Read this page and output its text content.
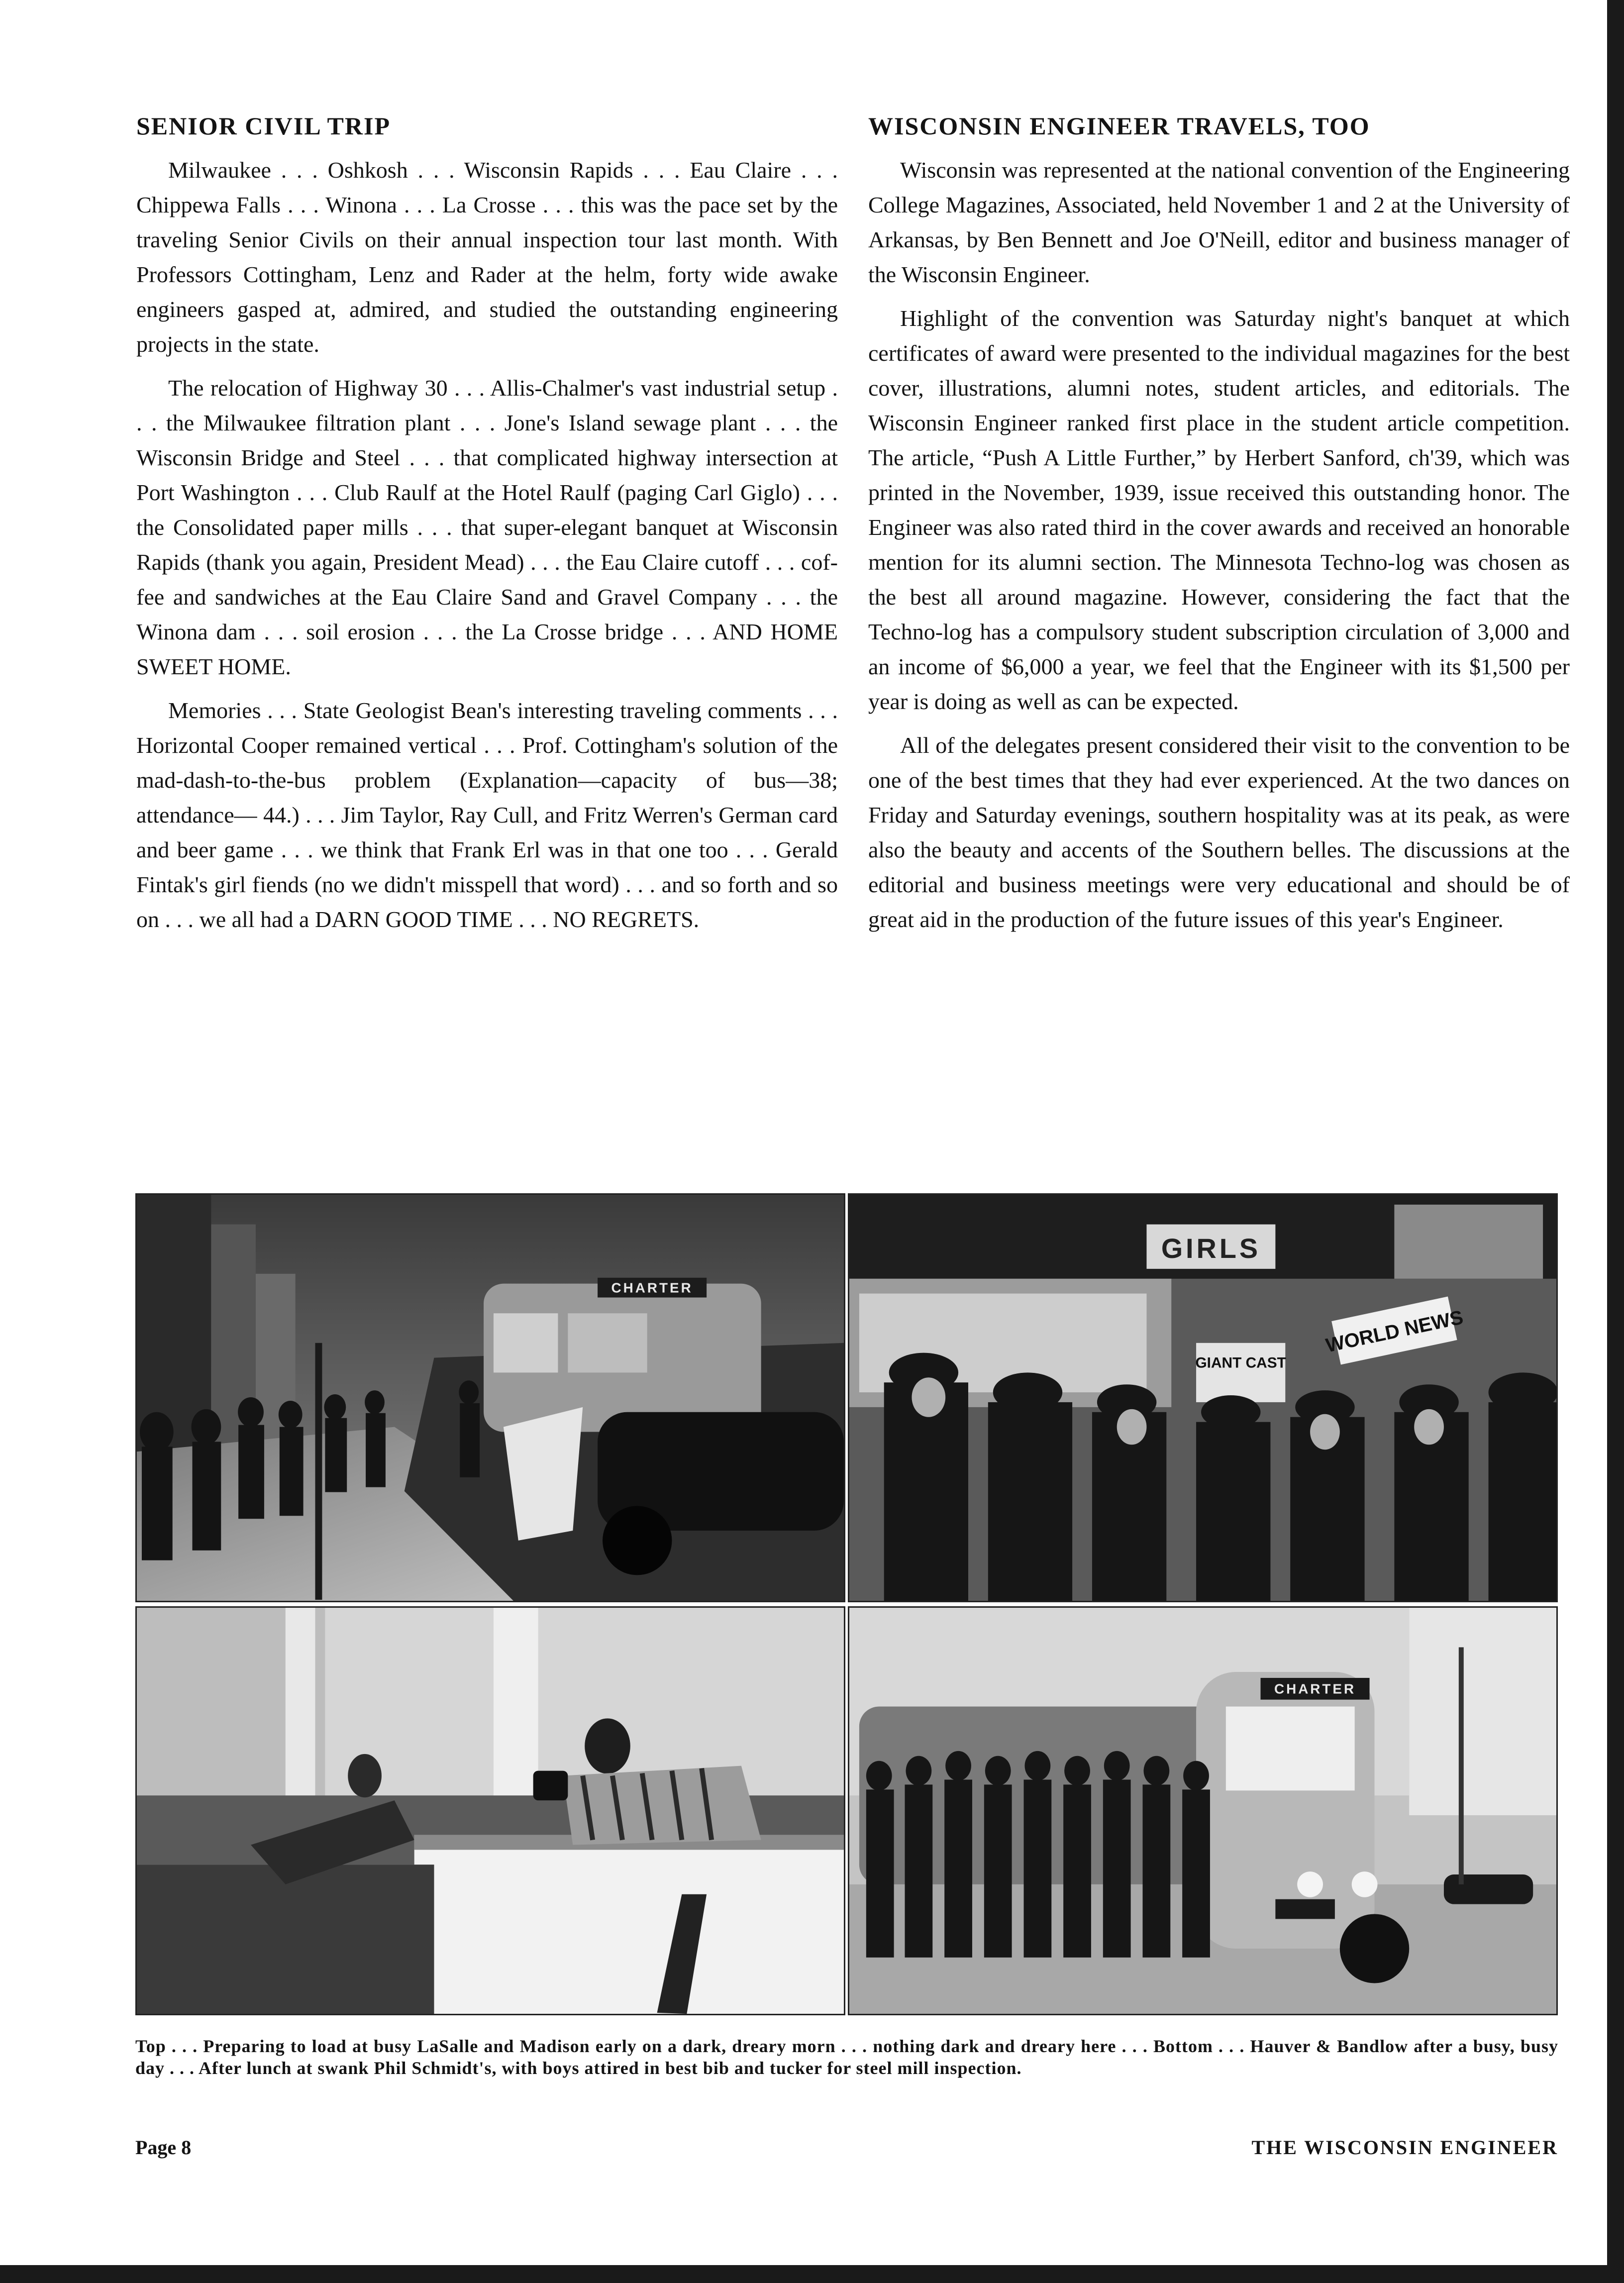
SENIOR CIVIL TRIP

Milwaukee . . . Oshkosh . . . Wisconsin Rapids . . . Eau Claire . . . Chippewa Falls . . . Winona . . . La Crosse . . . this was the pace set by the traveling Senior Civils on their annual inspection tour last month. With Professors Cottingham, Lenz and Rader at the helm, forty wide awake engineers gasped at, admired, and studied the outstanding engineering projects in the state.

The relocation of Highway 30 . . . Allis-Chalmer's vast industrial setup . . . the Milwaukee filtration plant . . . Jone's Island sewage plant . . . the Wisconsin Bridge and Steel . . . that complicated highway intersection at Port Washington . . . Club Raulf at the Hotel Raulf (paging Carl Giglo) . . . the Consolidated paper mills . . . that super-elegant banquet at Wisconsin Rapids (thank you again, President Mead) . . . the Eau Claire cutoff . . . coffee and sandwiches at the Eau Claire Sand and Gravel Company . . . the Winona dam . . . soil erosion . . . the La Crosse bridge . . . AND HOME SWEET HOME.

Memories . . . State Geologist Bean's interesting traveling comments . . . Horizontal Cooper remained vertical . . . Prof. Cottingham's solution of the mad-dash-to-the-bus problem (Explanation—capacity of bus—38; attendance— 44.) . . . Jim Taylor, Ray Cull, and Fritz Werren's German card and beer game . . . we think that Frank Erl was in that one too . . . Gerald Fintak's girl fiends (no we didn't misspell that word) . . . and so forth and so on . . . we all had a DARN GOOD TIME . . . NO REGRETS.

WISCONSIN ENGINEER TRAVELS, TOO

Wisconsin was represented at the national convention of the Engineering College Magazines, Associated, held November 1 and 2 at the University of Arkansas, by Ben Bennett and Joe O'Neill, editor and business manager of the Wisconsin Engineer.

Highlight of the convention was Saturday night's banquet at which certificates of award were presented to the individual magazines for the best cover, illustrations, alumni notes, student articles, and editorials. The Wisconsin Engineer ranked first place in the student article competition. The article, “Push A Little Further,” by Herbert Sanford, ch'39, which was printed in the November, 1939, issue received this outstanding honor. The Engineer was also rated third in the cover awards and received an honorable mention for its alumni section. The Minnesota Techno-log was chosen as the best all around magazine. However, considering the fact that the Techno-log has a compulsory student subscription circulation of 3,000 and an income of $6,000 a year, we feel that the Engineer with its $1,500 per year is doing as well as can be expected.

All of the delegates present considered their visit to the convention to be one of the best times that they had ever experienced. At the two dances on Friday and Saturday evenings, southern hospitality was at its peak, as were also the beauty and accents of the Southern belles. The discussions at the editorial and business meetings were very educational and should be of great aid in the production of the future issues of this year's Engineer.

CHARTER
GIRLS
GIANT CAST
WORLD NEWS
CHARTER
Top . . . Preparing to load at busy LaSalle and Madison early on a dark, dreary morn . . . nothing dark and dreary here . . . Bottom . . . Hauver & Bandlow after a busy, busy day . . . After lunch at swank Phil Schmidt's, with boys attired in best bib and tucker for steel mill inspection.
Page 8	THE WISCONSIN ENGINEER
